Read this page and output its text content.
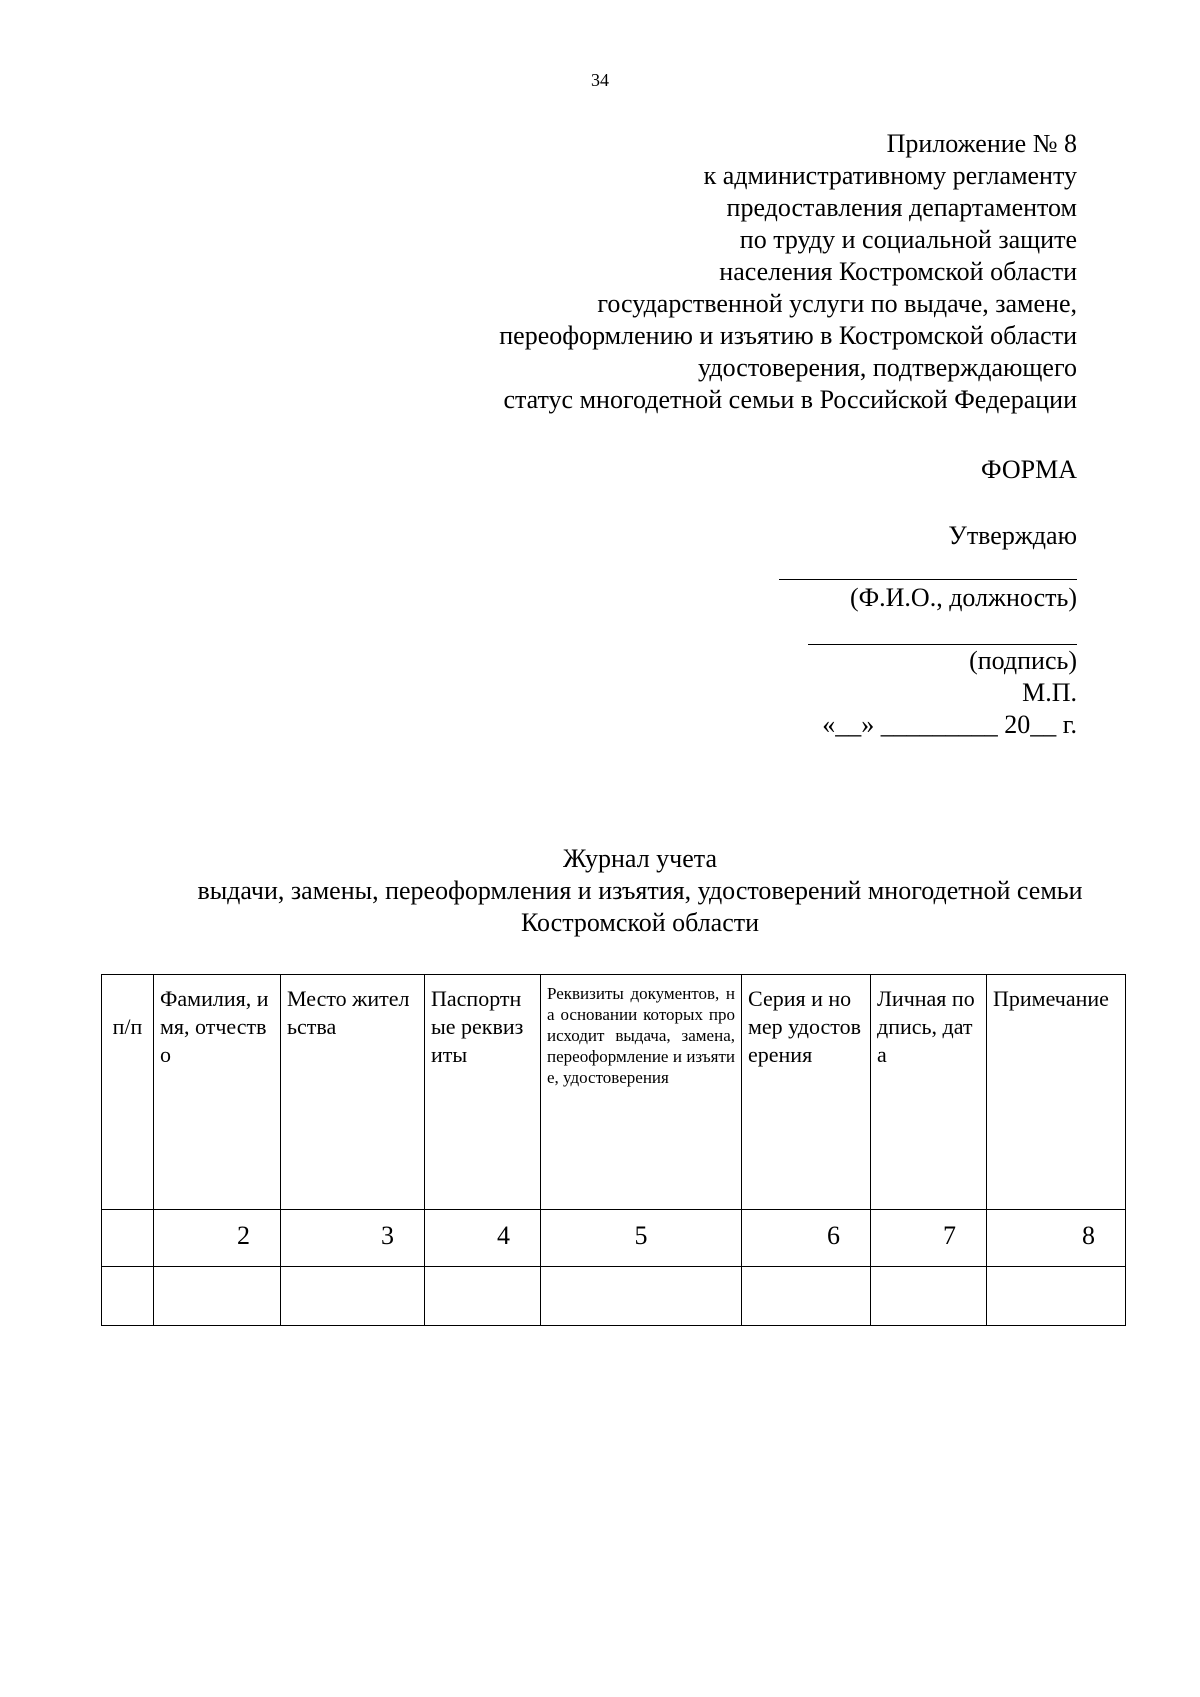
34
Приложение № 8
к административному регламенту
предоставления департаментом
по труду и социальной защите
населения Костромской области
государственной услуги по выдаче, замене,
переоформлению и изъятию в Костромской области
удостоверения, подтверждающего
статус многодетной семьи в Российской Федерации
ФОРМА
Утверждаю
(Ф.И.О., должность)
(подпись)
М.П.
«__» _________ 20__ г.
Журнал учета
выдачи, замены, переоформления и изъятия, удостоверений многодетной семьи
Костромской области
п/п	Фамилия, имя, отчество	Место жительства	Паспортные реквизиты	Реквизиты документов, на основании которых происходит выдача, замена, переоформление и изъятие, удостоверения	Серия и номер удостоверения	Личная подпись, дата	Примечание
	2	3	4	5	6	7	8
